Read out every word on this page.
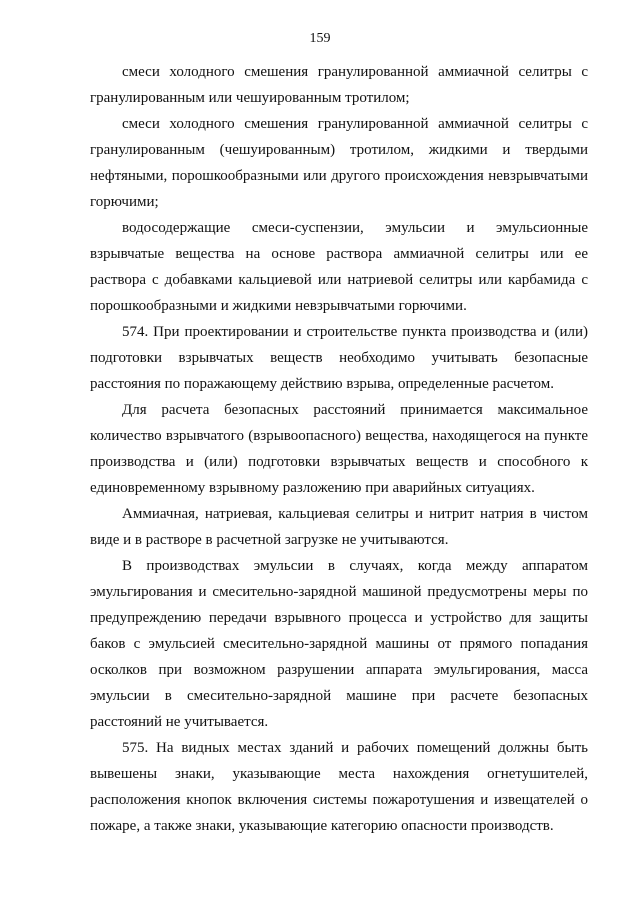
159

смеси холодного смешения гранулированной аммиачной селитры с гранулированным или чешуированным тротилом;

смеси холодного смешения гранулированной аммиачной селитры с гранулированным (чешуированным) тротилом, жидкими и твердыми нефтяными, порошкообразными или другого происхождения невзрывчатыми горючими;

водосодержащие смеси-суспензии, эмульсии и эмульсионные взрывчатые вещества на основе раствора аммиачной селитры или ее раствора с добавками кальциевой или натриевой селитры или карбамида с порошкообразными и жидкими невзрывчатыми горючими.

574. При проектировании и строительстве пункта производства и (или) подготовки взрывчатых веществ необходимо учитывать безопасные расстояния по поражающему действию взрыва, определенные расчетом.

Для расчета безопасных расстояний принимается максимальное количество взрывчатого (взрывоопасного) вещества, находящегося на пункте производства и (или) подготовки взрывчатых веществ и способного к единовременному взрывному разложению при аварийных ситуациях.

Аммиачная, натриевая, кальциевая селитры и нитрит натрия в чистом виде и в растворе в расчетной загрузке не учитываются.

В производствах эмульсии в случаях, когда между аппаратом эмульгирования и смесительно-зарядной машиной предусмотрены меры по предупреждению передачи взрывного процесса и устройство для защиты баков с эмульсией смесительно-зарядной машины от прямого попадания осколков при возможном разрушении аппарата эмульгирования, масса эмульсии в смесительно-зарядной машине при расчете безопасных расстояний не учитывается.

575. На видных местах зданий и рабочих помещений должны быть вывешены знаки, указывающие места нахождения огнетушителей, расположения кнопок включения системы пожаротушения и извещателей о пожаре, а также знаки, указывающие категорию опасности производств.
